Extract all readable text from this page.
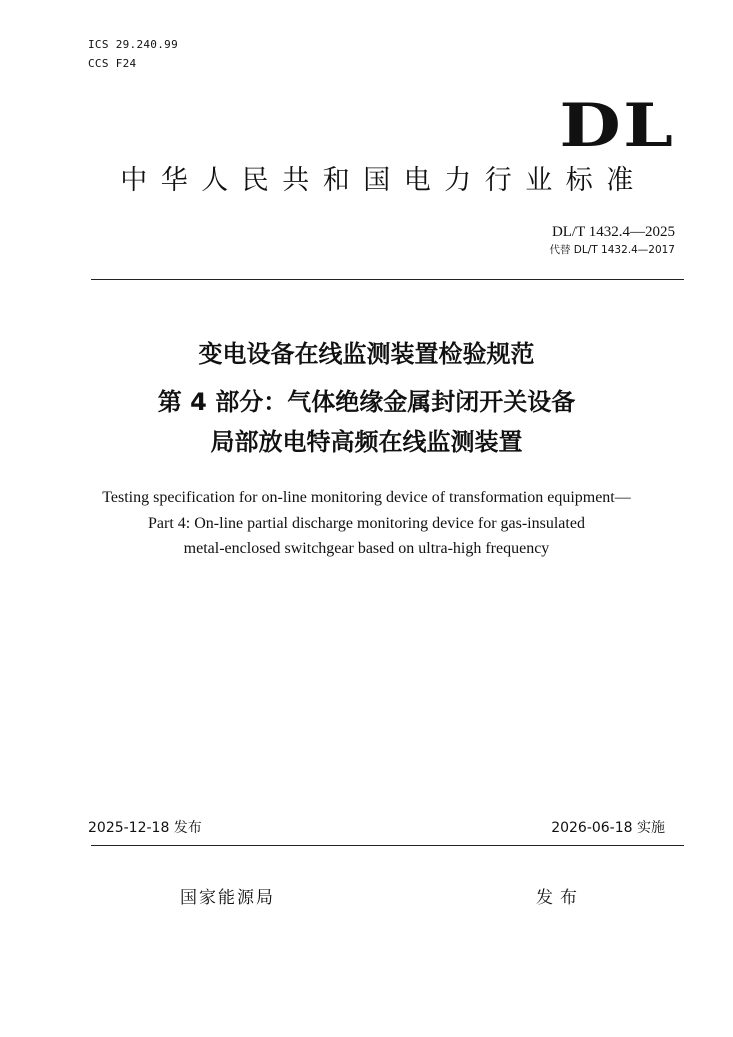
ICS 29.240.99
CCS F24
DL
中华人民共和国电力行业标准
DL/T 1432.4—2025
代替 DL/T 1432.4—2017
变电设备在线监测装置检验规范
第 4 部分：气体绝缘金属封闭开关设备
局部放电特高频在线监测装置
Testing specification for on-line monitoring device of transformation equipment—
Part 4: On-line partial discharge monitoring device for gas-insulated
metal-enclosed switchgear based on ultra-high frequency
2025-12-18 发布	2026-06-18 实施
国家能源局	发布
